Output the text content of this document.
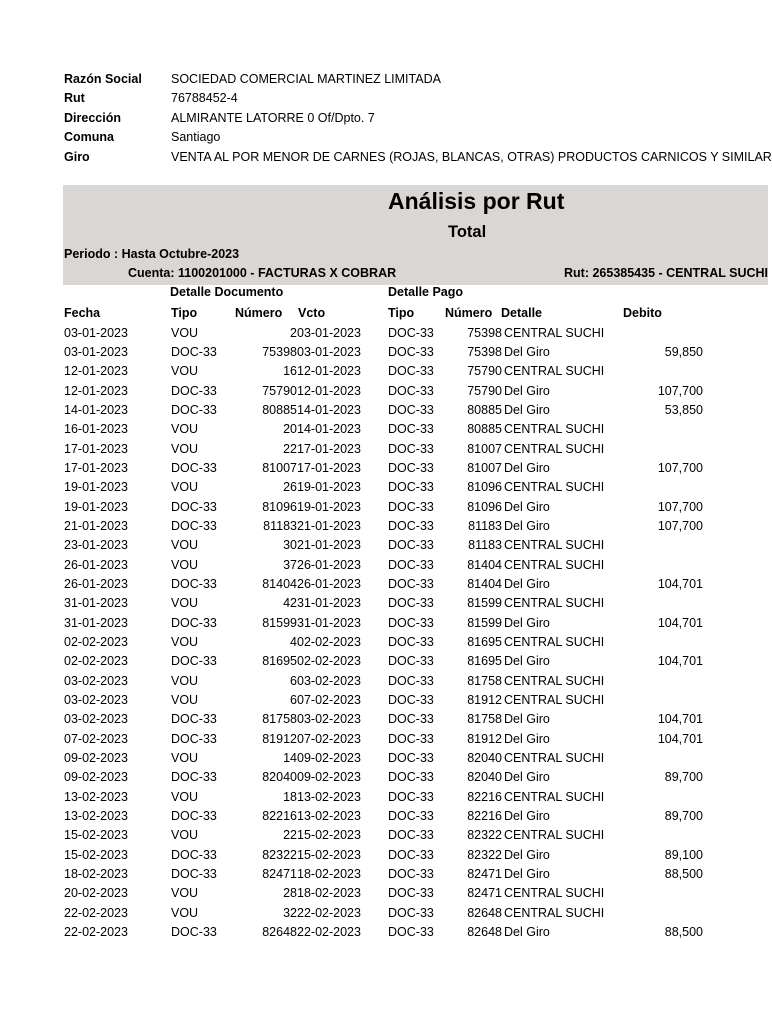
Razón Social SOCIEDAD COMERCIAL MARTINEZ LIMITADA
Rut	76788452-4
Dirección	ALMIRANTE LATORRE 0 Of/Dpto. 7
Comuna	Santiago
Giro	VENTA AL POR MENOR DE CARNES (ROJAS, BLANCAS, OTRAS) PRODUCTOS CARNICOS Y SIMILAR
Análisis por Rut
Total
Periodo : Hasta Octubre-2023
Cuenta: 1100201000 - FACTURAS X COBRAR	Rut: 265385435 - CENTRAL SUCHI
Detalle Documento	Detalle Pago
Fecha	Tipo	Número Vcto	Tipo Número Detalle	Debito
03-01-2023	VOU	2 03-01-2023 DOC-33	75398 CENTRAL SUCHI
03-01-2023	DOC-33	75398 03-01-2023 DOC-33	75398 Del Giro	59,850
12-01-2023	VOU	16 12-01-2023 DOC-33	75790 CENTRAL SUCHI
12-01-2023	DOC-33	75790 12-01-2023 DOC-33	75790 Del Giro	107,700
14-01-2023	DOC-33	80885 14-01-2023 DOC-33	80885 Del Giro	53,850
16-01-2023	VOU	20 14-01-2023 DOC-33	80885 CENTRAL SUCHI
17-01-2023	VOU	22 17-01-2023 DOC-33	81007 CENTRAL SUCHI
17-01-2023	DOC-33	81007 17-01-2023 DOC-33	81007 Del Giro	107,700
19-01-2023	VOU	26 19-01-2023 DOC-33	81096 CENTRAL SUCHI
19-01-2023	DOC-33	81096 19-01-2023 DOC-33	81096 Del Giro	107,700
21-01-2023	DOC-33	81183 21-01-2023 DOC-33	81183 Del Giro	107,700
23-01-2023	VOU	30 21-01-2023 DOC-33	81183 CENTRAL SUCHI
26-01-2023	VOU	37 26-01-2023 DOC-33	81404 CENTRAL SUCHI
26-01-2023	DOC-33	81404 26-01-2023 DOC-33	81404 Del Giro	104,701
31-01-2023	VOU	42 31-01-2023 DOC-33	81599 CENTRAL SUCHI
31-01-2023	DOC-33	81599 31-01-2023 DOC-33	81599 Del Giro	104,701
02-02-2023	VOU	4 02-02-2023 DOC-33	81695 CENTRAL SUCHI
02-02-2023	DOC-33	81695 02-02-2023 DOC-33	81695 Del Giro	104,701
03-02-2023	VOU	6 03-02-2023 DOC-33	81758 CENTRAL SUCHI
03-02-2023	VOU	6 07-02-2023 DOC-33	81912 CENTRAL SUCHI
03-02-2023	DOC-33	81758 03-02-2023 DOC-33	81758 Del Giro	104,701
07-02-2023	DOC-33	81912 07-02-2023 DOC-33	81912 Del Giro	104,701
09-02-2023	VOU	14 09-02-2023 DOC-33	82040 CENTRAL SUCHI
09-02-2023	DOC-33	82040 09-02-2023 DOC-33	82040 Del Giro	89,700
13-02-2023	VOU	18 13-02-2023 DOC-33	82216 CENTRAL SUCHI
13-02-2023	DOC-33	82216 13-02-2023 DOC-33	82216 Del Giro	89,700
15-02-2023	VOU	22 15-02-2023 DOC-33	82322 CENTRAL SUCHI
15-02-2023	DOC-33	82322 15-02-2023 DOC-33	82322 Del Giro	89,100
18-02-2023	DOC-33	82471 18-02-2023 DOC-33	82471 Del Giro	88,500
20-02-2023	VOU	28 18-02-2023 DOC-33	82471 CENTRAL SUCHI
22-02-2023	VOU	32 22-02-2023 DOC-33	82648 CENTRAL SUCHI
22-02-2023	DOC-33	82648 22-02-2023 DOC-33	82648 Del Giro	88,500
